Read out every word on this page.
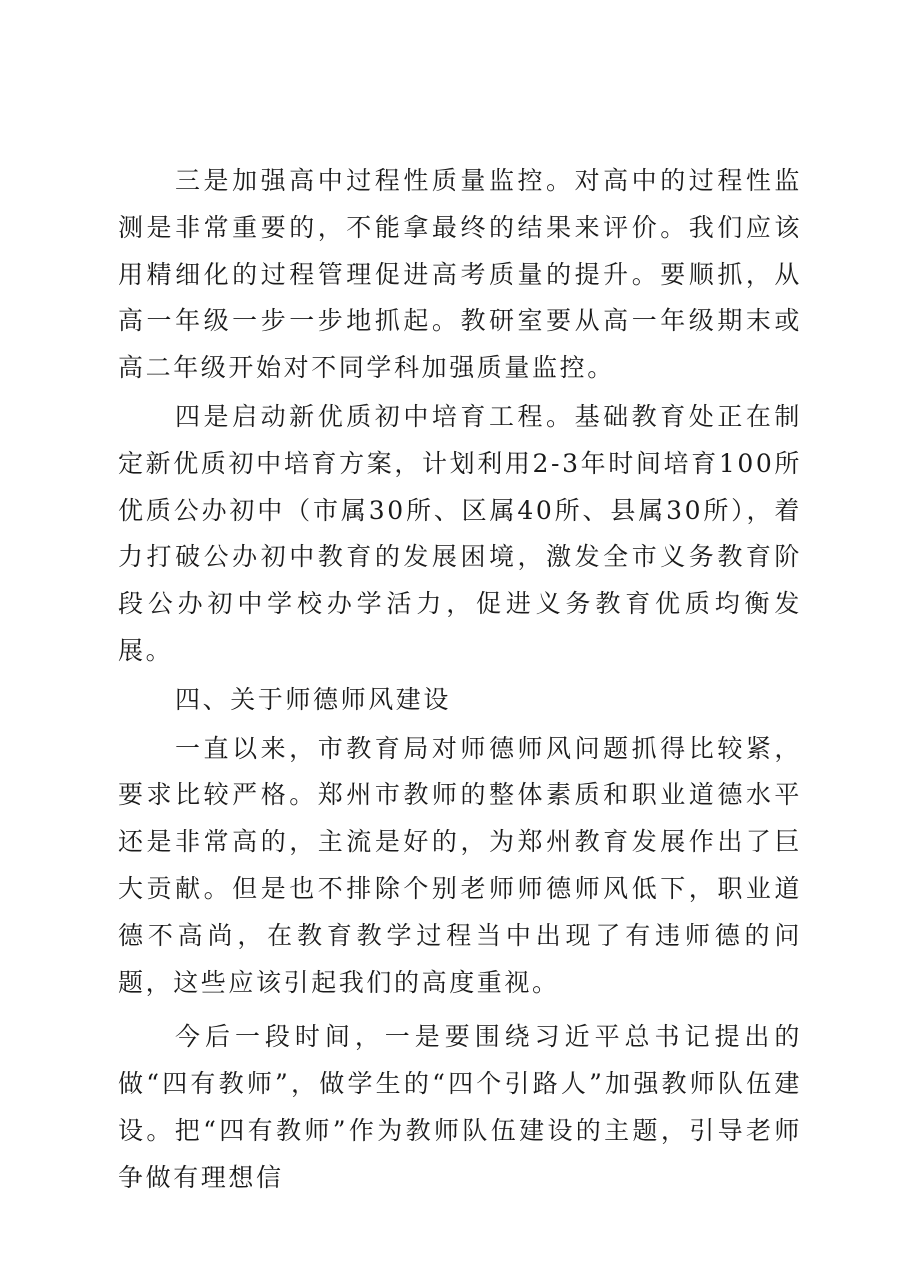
三是加强高中过程性质量监控。对高中的过程性监测是非常重要的，不能拿最终的结果来评价。我们应该用精细化的过程管理促进高考质量的提升。要顺抓，从高一年级一步一步地抓起。教研室要从高一年级期末或高二年级开始对不同学科加强质量监控。

四是启动新优质初中培育工程。基础教育处正在制定新优质初中培育方案，计划利用2-3年时间培育100所优质公办初中（市属30所、区属40所、县属30所），着力打破公办初中教育的发展困境，激发全市义务教育阶段公办初中学校办学活力，促进义务教育优质均衡发展。

四、关于师德师风建设

一直以来，市教育局对师德师风问题抓得比较紧，要求比较严格。郑州市教师的整体素质和职业道德水平还是非常高的，主流是好的，为郑州教育发展作出了巨大贡献。但是也不排除个别老师师德师风低下，职业道德不高尚，在教育教学过程当中出现了有违师德的问题，这些应该引起我们的高度重视。

今后一段时间，一是要围绕习近平总书记提出的做“四有教师”，做学生的“四个引路人”加强教师队伍建设。把“四有教师”作为教师队伍建设的主题，引导老师争做有理想信
